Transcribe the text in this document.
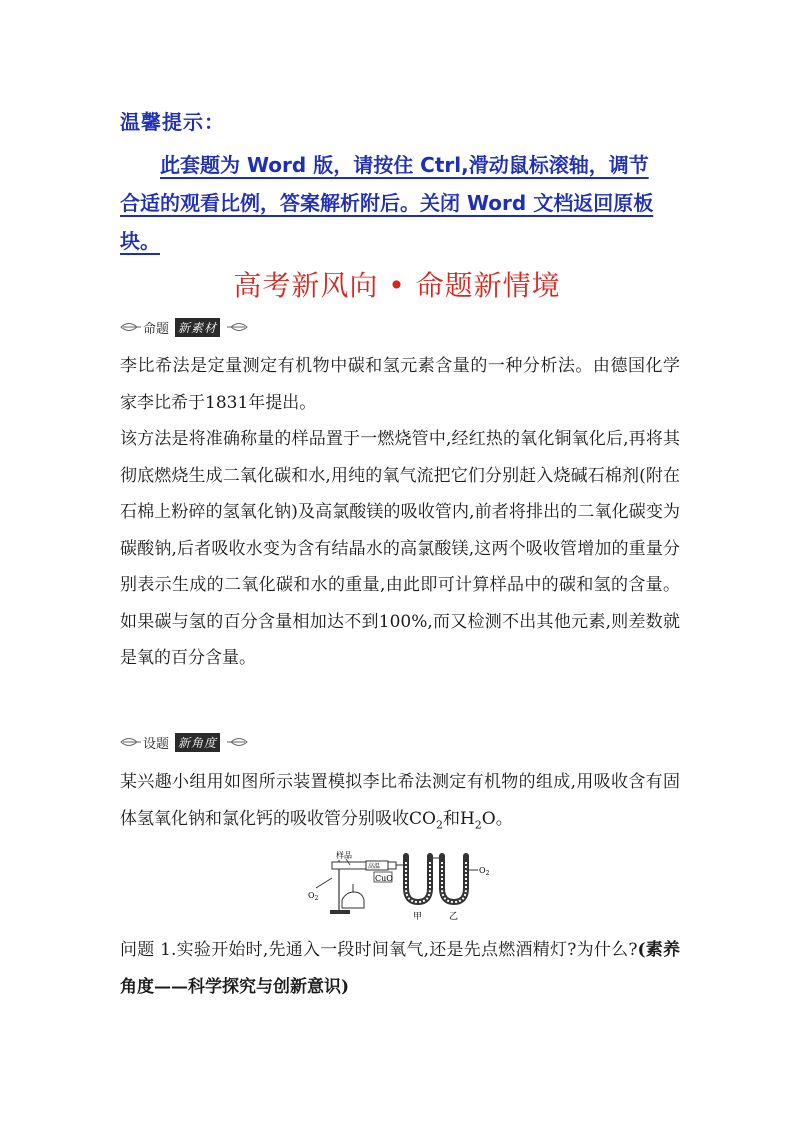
温馨提示：
此套题为 Word 版，请按住 Ctrl,滑动鼠标滚轴，调节
合适的观看比例，答案解析附后。关闭 Word 文档返回原板
块。
高考新风向 • 命题新情境
命题 新素材

李比希法是定量测定有机物中碳和氢元素含量的一种分析法。由德国化学家李比希于1831年提出。

该方法是将准确称量的样品置于一燃烧管中,经红热的氧化铜氧化后,再将其彻底燃烧生成二氧化碳和水,用纯的氧气流把它们分别赶入烧碱石棉剂(附在石棉上粉碎的氢氧化钠)及高氯酸镁的吸收管内,前者将排出的二氧化碳变为碳酸钠,后者吸收水变为含有结晶水的高氯酸镁,这两个吸收管增加的重量分别表示生成的二氧化碳和水的重量,由此即可计算样品中的碳和氢的含量。如果碳与氢的百分含量相加达不到100%,而又检测不出其他元素,则差数就是氧的百分含量。

设题 新角度

某兴趣小组用如图所示装置模拟李比希法测定有机物的组成,用吸收含有固体氢氧化钠和氯化钙的吸收管分别吸收$CO_2$和$H_2O$。

$O_2$
高温
样品
CuO
$O_2$
甲	乙

问题 1.实验开始时,先通入一段时间氧气,还是先点燃酒精灯?为什么?(素养角度——科学探究与创新意识)
